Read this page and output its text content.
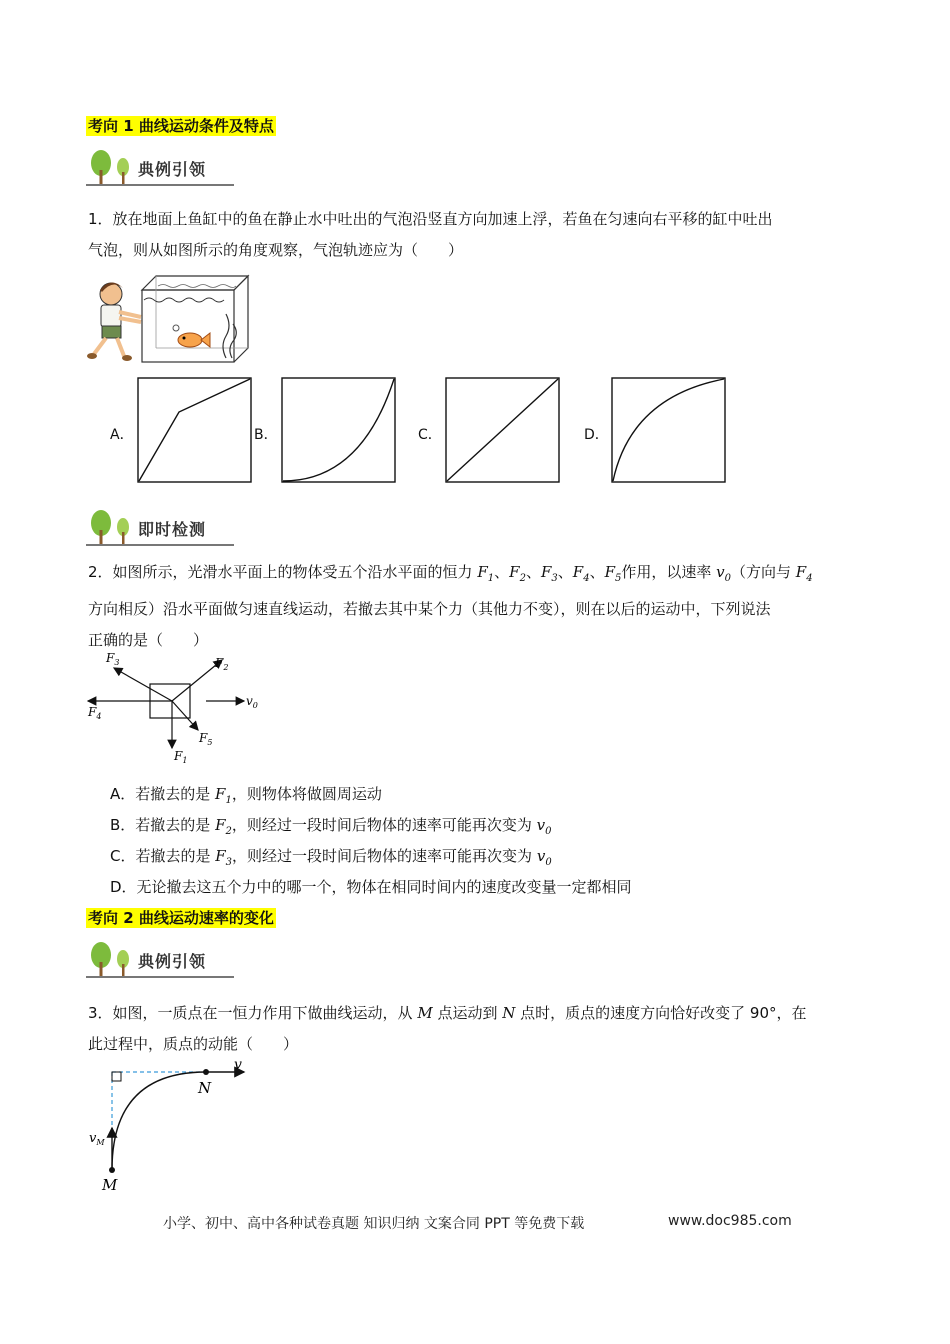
考向 1 曲线运动条件及特点
典例引领
1．放在地面上鱼缸中的鱼在静止水中吐出的气泡沿竖直方向加速上浮，若鱼在匀速向右平移的缸中吐出
气泡，则从如图所示的角度观察，气泡轨迹应为（　　）
A．	B．	C．	D．
即时检测
2．如图所示，光滑水平面上的物体受五个沿水平面的恒力 $F_1$、$F_2$、$F_3$、$F_4$、$F_5$作用，以速率 $v_0$（方向与 $F_4$
方向相反）沿水平面做匀速直线运动，若撤去其中某个力（其他力不变），则在以后的运动中，下列说法
正确的是（　　）
$F_3$	$F_2$
$F_4$
$F_5$
$F_1$
$v_0$
A．若撤去的是 $F_1$，则物体将做圆周运动
B．若撤去的是 $F_2$，则经过一段时间后物体的速率可能再次变为 $v_0$
C．若撤去的是 $F_3$，则经过一段时间后物体的速率可能再次变为 $v_0$
D．无论撤去这五个力中的哪一个，物体在相同时间内的速度改变量一定都相同
考向 2 曲线运动速率的变化
典例引领
3．如图，一质点在一恒力作用下做曲线运动，从 M 点运动到 N 点时，质点的速度方向恰好改变了 90°，在
此过程中，质点的动能（　　）
v
N
$v_M$
M
小学、初中、高中各种试卷真题 知识归纳 文案合同 PPT 等免费下载	www.doc985.com
